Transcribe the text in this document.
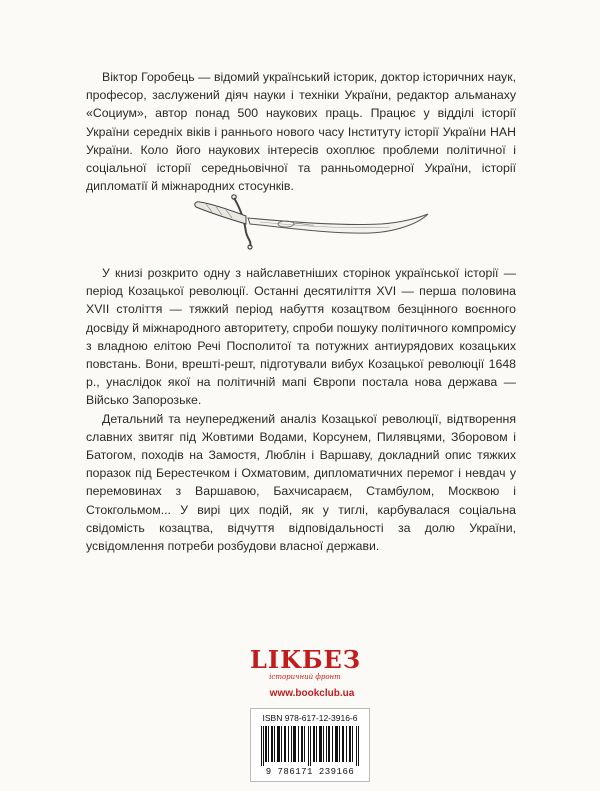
Віктор Горобець — відомий український історик, доктор історичних наук, професор, заслужений діяч науки і техніки України, редактор альманаху «Социум», автор понад 500 наукових праць. Працює у відділі історії України середніх віків і раннього нового часу Інституту історії України НАН України. Коло його наукових інтересів охоплює проблеми політичної і соціальної історії середньовічної та ранньомодерної України, історії дипломатії й міжнародних стосунків.

У книзі розкрито одну з найславетніших сторінок української історії — період Козацької революції. Останні десятиліття XVI — перша половина XVII століття — тяжкий період набуття козацтвом безцінного воєнного досвіду й міжнародного авторитету, спроби пошуку політичного компромісу з владною елітою Речі Посполитої та потужних антиурядових козацьких повстань. Вони, врешті-решт, підготували вибух Козацької революції 1648 р., унаслідок якої на політичній мапі Європи постала нова держава — Військо Запорозьке.

Детальний та неупереджений аналіз Козацької революції, відтворення славних звитяг під Жовтими Водами, Корсунем, Пилявцями, Зборовом і Батогом, походів на Замостя, Люблін і Варшаву, докладний опис тяжких поразок під Берестечком і Охматовим, дипломатичних перемог і невдач у перемовинах з Варшавою, Бахчисараєм, Стамбулом, Москвою і Стокгольмом... У вирі цих подій, як у тиглі, карбувалася соціальна свідомість козацтва, відчуття відповідальності за долю України, усвідомлення потреби розбудови власної держави.

LIKБЕЗ
історичний фронт
www.bookclub.ua
ISBN 978-617-12-3916-6
9 786171 239166
